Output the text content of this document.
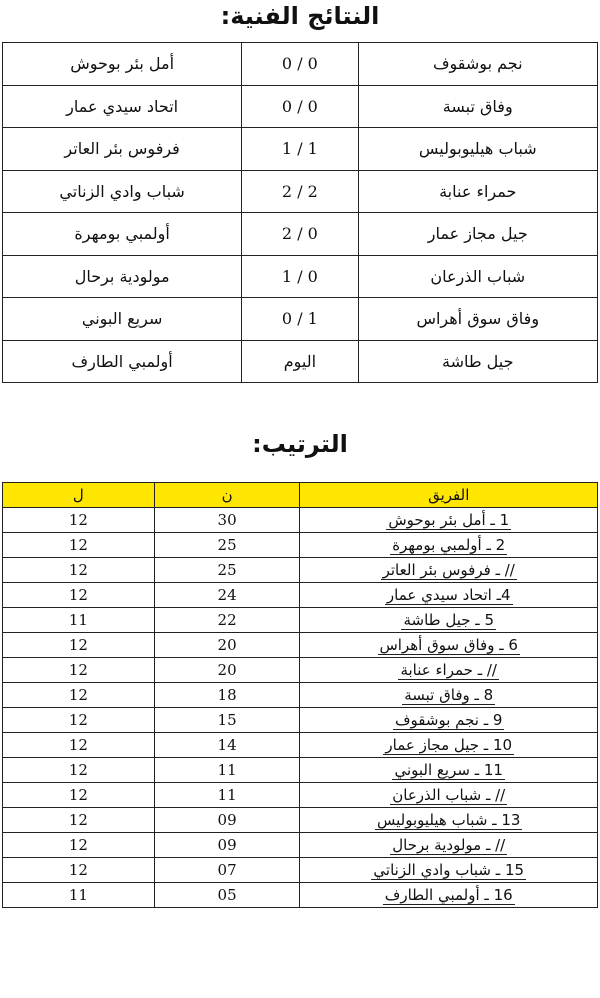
النتائج الفنية:
أمل بئر بوحوش	0 / 0	نجم بوشقوف
اتحاد سيدي عمار	0 / 0	وفاق تبسة
فرفوس بئر العاتر	1 / 1	شباب هيليوبوليس
شباب وادي الزناتي	2 / 2	حمراء عنابة
أولمبي بومهرة	2 / 0	جيل مجاز عمار
مولودية برحال	1 / 0	شباب الذرعان
سريع البوني	0 / 1	وفاق سوق أهراس
أولمبي الطارف	اليوم	جيل طاشة
الترتيب:
ل	ن	الفريق
12	30	1 ـ أمل بئر بوحوش
12	25	2 ـ أولمبي بومهرة
12	25	// ـ فرفوس بئر العاتر
12	24	4ـ اتحاد سيدي عمار
11	22	5 ـ جيل طاشة
12	20	6 ـ وفاق سوق أهراس
12	20	// ـ حمراء عنابة
12	18	8 ـ وفاق تبسة
12	15	9 ـ نجم بوشقوف
12	14	10 ـ جيل مجاز عمار
12	11	11 ـ سريع البوني
12	11	// ـ شباب الذرعان
12	09	13 ـ شباب هيليوبوليس
12	09	// ـ مولودية برحال
12	07	15 ـ شباب وادي الزناتي
11	05	16 ـ أولمبي الطارف
